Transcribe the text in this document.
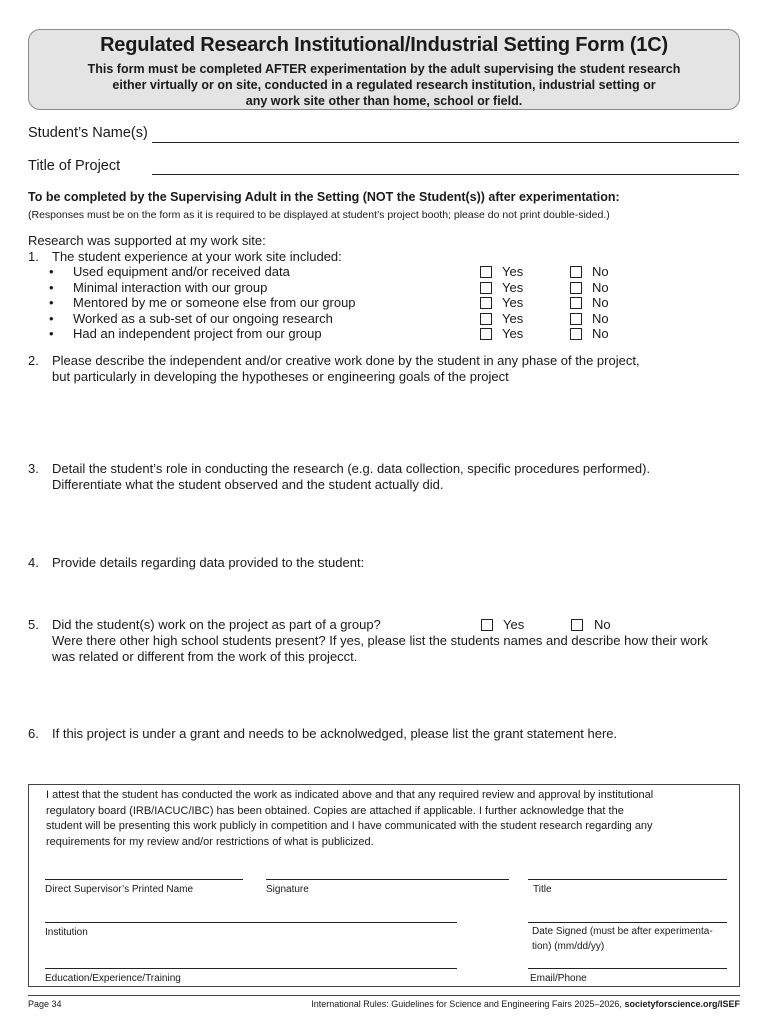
Regulated Research Institutional/Industrial Setting Form (1C)
This form must be completed AFTER experimentation by the adult supervising the student research
either virtually or on site, conducted in a regulated research institution, industrial setting or
any work site other than home, school or field.
Student’s Name(s)
Title of Project
To be completed by the Supervising Adult in the Setting (NOT the Student(s)) after experimentation:
(Responses must be on the form as it is required to be displayed at student’s project booth; please do not print double-sided.)
Research was supported at my work site:
1. The student experience at your work site included:
• Used equipment and/or received data	Yes	No
• Minimal interaction with our group	Yes	No
• Mentored by me or someone else from our group	Yes	No
• Worked as a sub-set of our ongoing research	Yes	No
• Had an independent project from our group	Yes	No
2. Please describe the independent and/or creative work done by the student in any phase of the project,
but particularly in developing the hypotheses or engineering goals of the project
3. Detail the student’s role in conducting the research (e.g. data collection, specific procedures performed).
Differentiate what the student observed and the student actually did.
4. Provide details regarding data provided to the student:
5. Did the student(s) work on the project as part of a group?	Yes	No
Were there other high school students present? If yes, please list the students names and describe how their work
was related or different from the work of this projecct.
6. If this project is under a grant and needs to be acknolwedged, please list the grant statement here.
I attest that the student has conducted the work as indicated above and that any required review and approval by institutional
regulatory board (IRB/IACUC/IBC) has been obtained. Copies are attached if applicable. I further acknowledge that the
student will be presenting this work publicly in competition and I have communicated with the student research regarding any
requirements for my review and/or restrictions of what is publicized.
Direct Supervisor’s Printed Name	Signature	Title
Institution	Date Signed (must be after experimenta-
tion) (mm/dd/yy)
Education/Experience/Training	Email/Phone
Page 34	International Rules: Guidelines for Science and Engineering Fairs 2025–2026, societyforscience.org/ISEF
